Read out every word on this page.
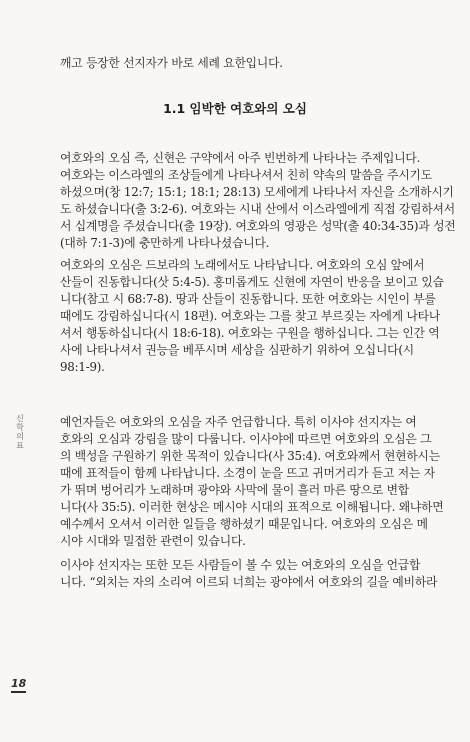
신학의 표
18
깨고 등장한 선지자가 바로 세례 요한입니다.
1.1 임박한 여호와의 오심
여호와의 오심 즉, 신현은 구약에서 아주 빈번하게 나타나는 주제입니다.
여호와는 이스라엘의 조상들에게 나타나셔서 친히 약속의 말씀을 주시기도
하셨으며(창 12:7; 15:1; 18:1; 28:13) 모세에게 나타나서 자신을 소개하시기
도 하셨습니다(출 3:2-6). 여호와는 시내 산에서 이스라엘에게 직접 강림하셔서
서 십계명을 주셨습니다(출 19장). 여호와의 영광은 성막(출 40:34-35)과 성전
(대하 7:1-3)에 충만하게 나타나셨습니다.
여호와의 오심은 드보라의 노래에서도 나타납니다. 여호와의 오심 앞에서
산들이 진동합니다(삿 5:4-5). 홍미롭게도 신현에 자연이 반응을 보이고 있습
니다(참고 시 68:7-8). 땅과 산들이 진동합니다. 또한 여호와는 시인이 부를
때에도 강림하십니다(시 18편). 여호와는 그를 찾고 부르짖는 자에게 나타나
셔서 행동하십니다(시 18:6-18). 여호와는 구원을 행하십니다. 그는 인간 역
사에 나타나셔서 권능을 베푸시며 세상을 심판하기 위하여 오십니다(시
98:1-9).
예언자들은 여호와의 오심을 자주 언급합니다. 특히 이사야 선지자는 여
호와의 오심과 강림을 많이 다룹니다. 이사야에 따르면 여호와의 오심은 그
의 백성을 구원하기 위한 목적이 있습니다(사 35:4). 여호와께서 현현하시는
때에 표적들이 함께 나타납니다. 소경이 눈을 뜨고 귀머거리가 듣고 저는 자
가 뛰며 벙어리가 노래하며 광야와 사막에 물이 흘러 마른 땅으로 변합
니다(사 35:5). 이러한 현상은 메시야 시대의 표적으로 이해됩니다. 왜냐하면
예수께서 오셔서 이러한 일들을 행하셨기 때문입니다. 여호와의 오심은 메
시야 시대와 밀접한 관련이 있습니다.
이사야 선지자는 또한 모든 사람들이 볼 수 있는 여호와의 오심을 언급합
니다. “외치는 자의 소리여 이르되 너희는 광야에서 여호와의 길을 예비하라
